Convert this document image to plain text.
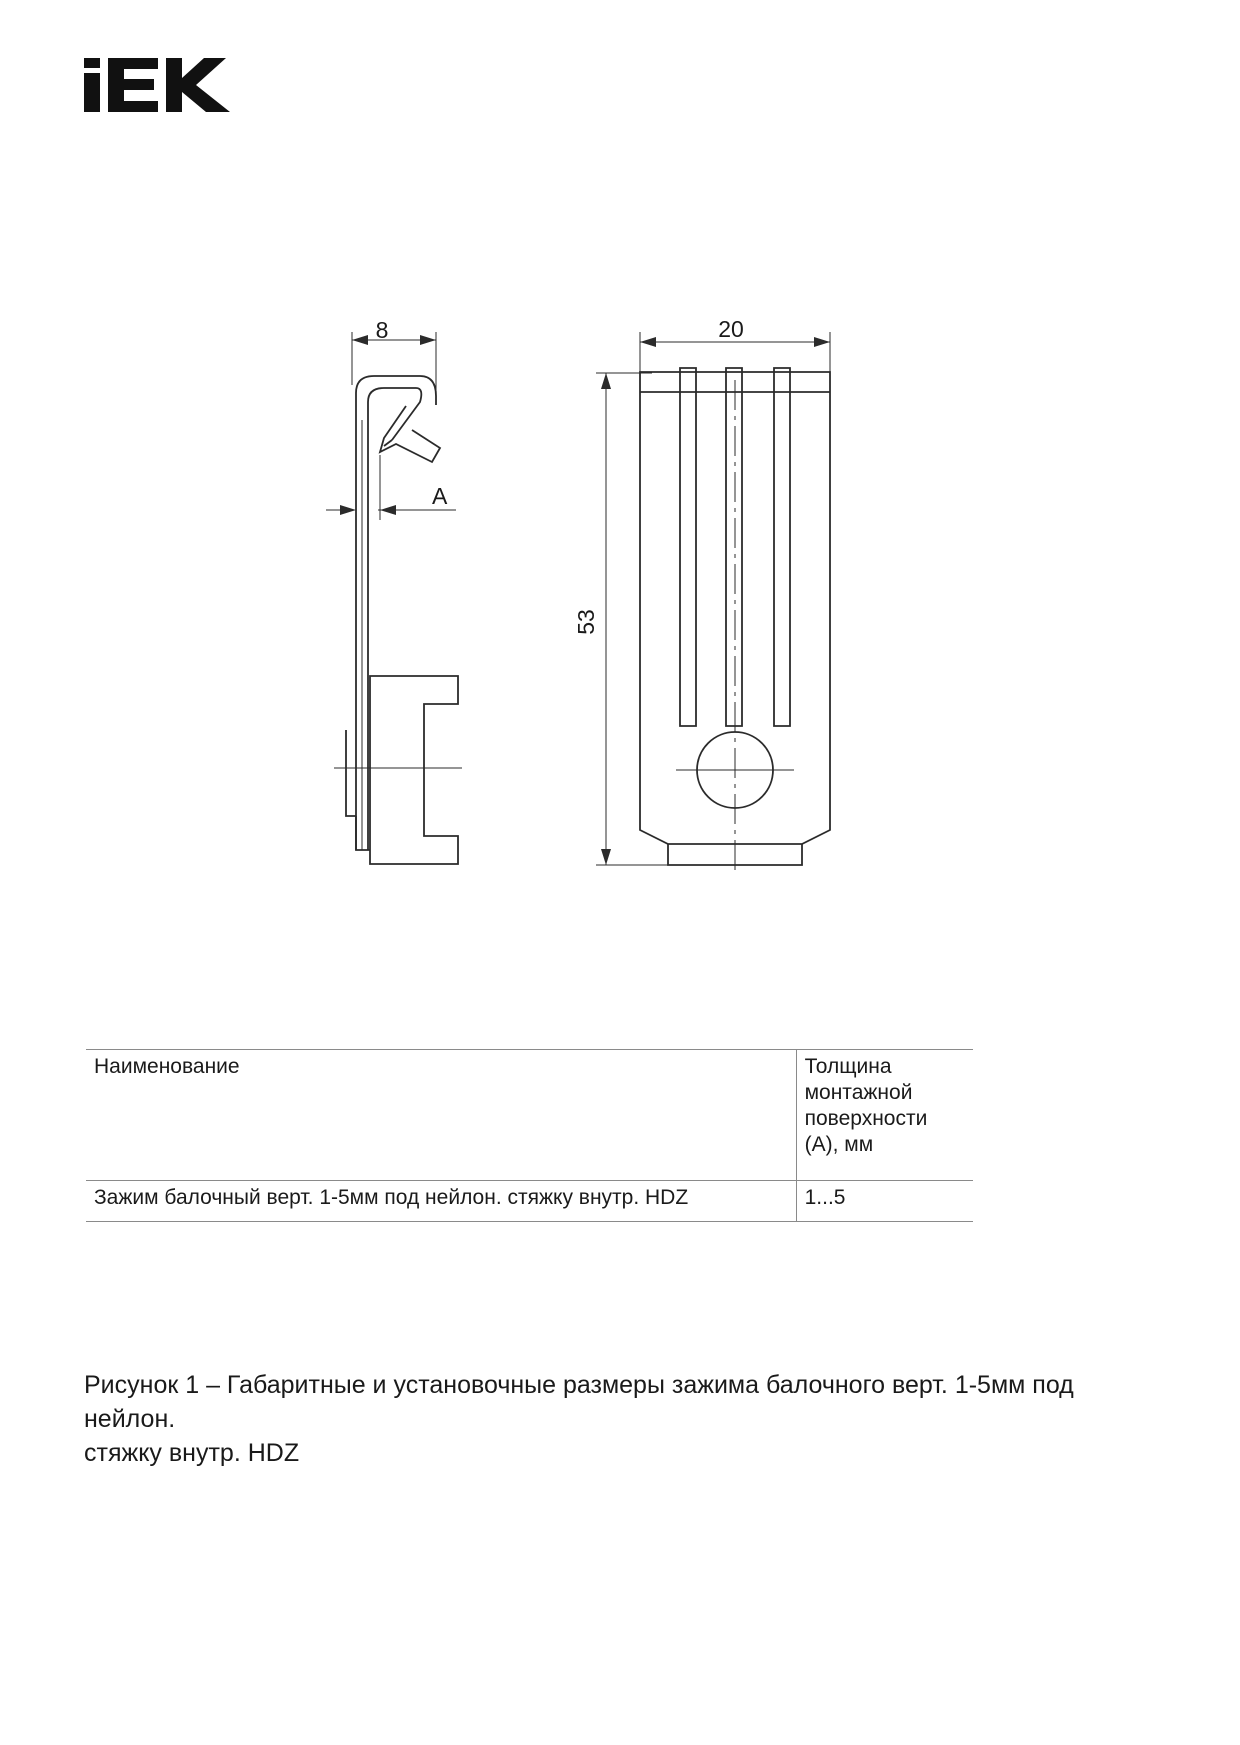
8
A
20
53
Наименование	Толщина
монтажной
поверхности
(А), мм

Зажим балочный верт. 1-5мм под нейлон. стяжку внутр. HDZ	1...5
Рисунок 1 – Габаритные и установочные размеры зажима балочного верт. 1-5мм под нейлон.
стяжку внутр. HDZ
